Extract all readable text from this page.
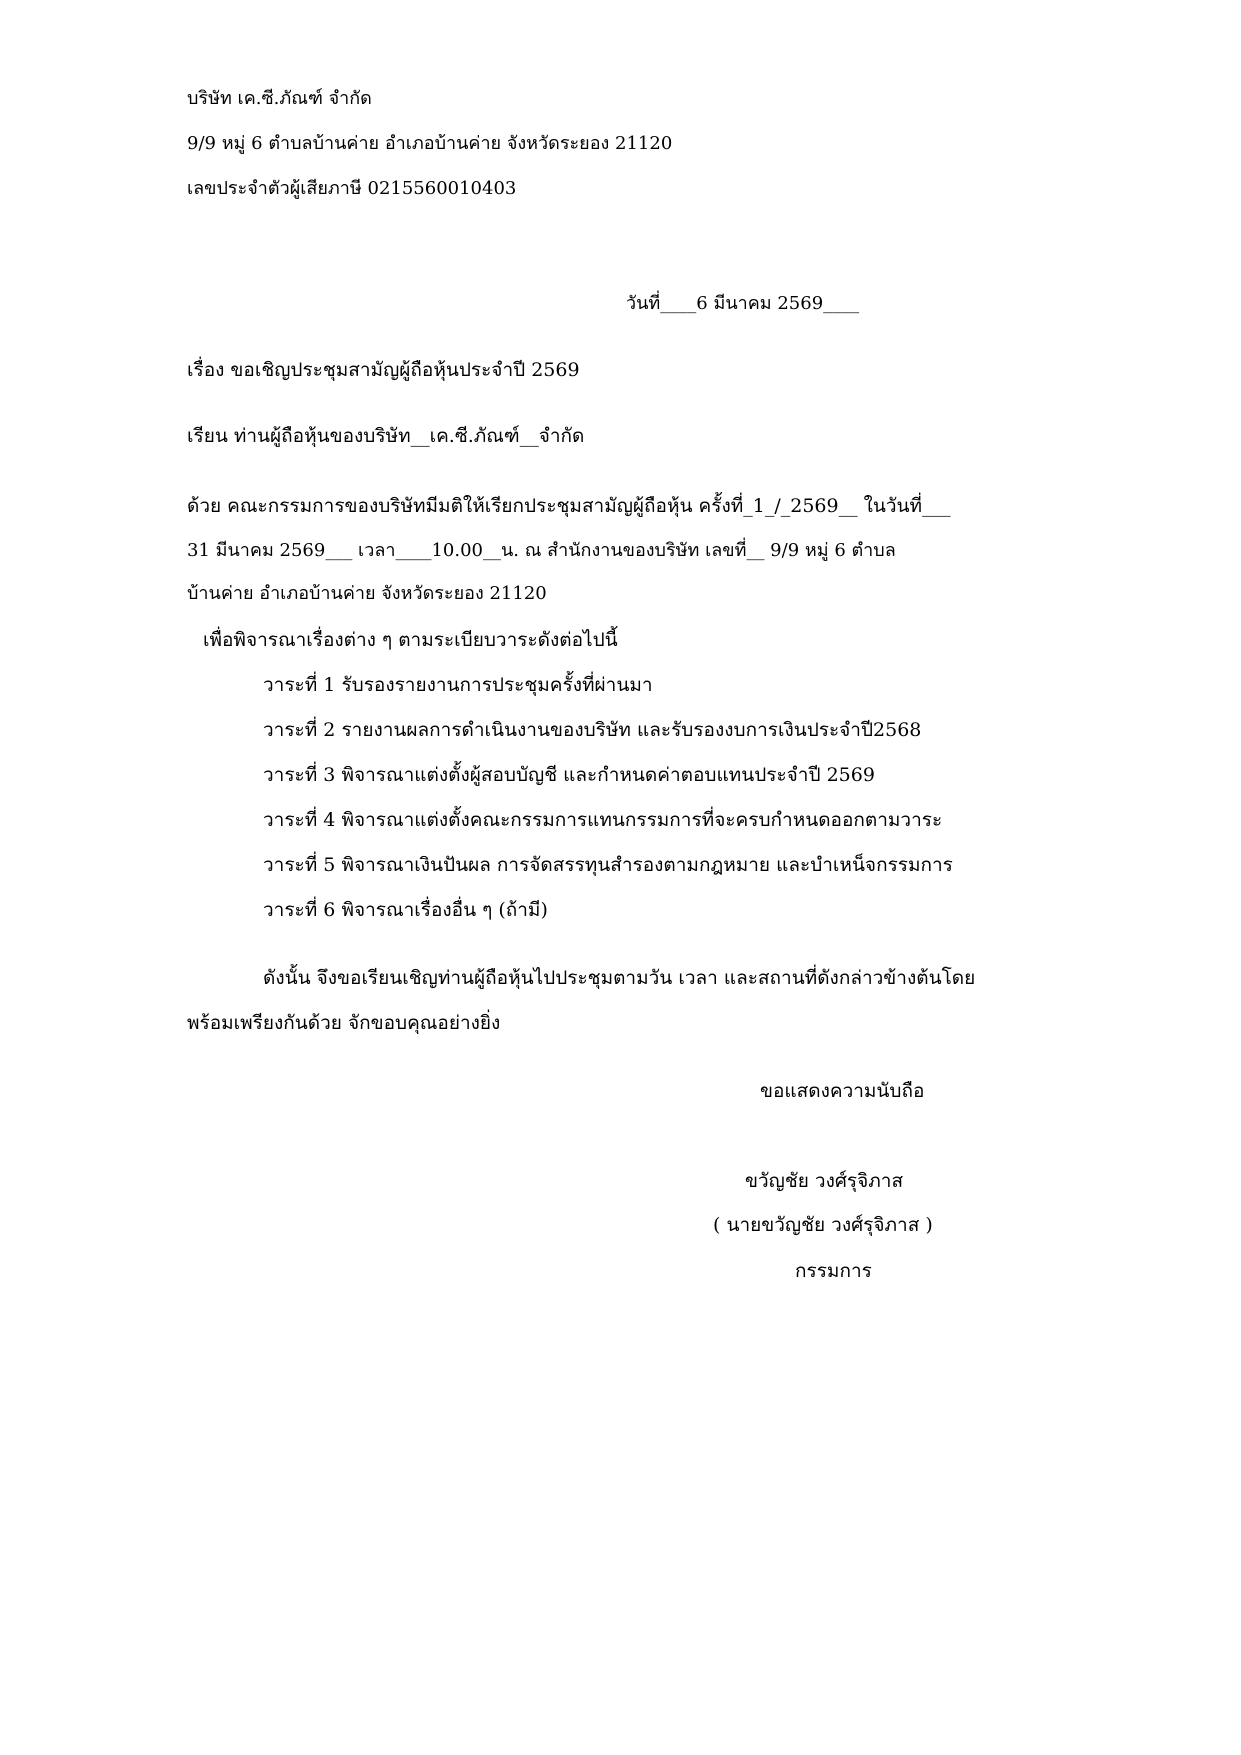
บริษัท เค.ซี.ภัณฑ์ จำกัด
9/9 หมู่ 6 ตำบลบ้านค่าย อำเภอบ้านค่าย จังหวัดระยอง 21120
เลขประจำตัวผู้เสียภาษี 0215560010403
วันที่____6 มีนาคม 2569____
เรื่อง ขอเชิญประชุมสามัญผู้ถือหุ้นประจำปี 2569
เรียน ท่านผู้ถือหุ้นของบริษัท__เค.ซี.ภัณฑ์__จำกัด
ด้วย คณะกรรมการของบริษัทมีมติให้เรียกประชุมสามัญผู้ถือหุ้น ครั้งที่_1_/_2569__ ในวันที่___
31 มีนาคม 2569___ เวลา____10.00__น. ณ สำนักงานของบริษัท เลขที่__ 9/9 หมู่ 6 ตำบล
บ้านค่าย อำเภอบ้านค่าย จังหวัดระยอง 21120
เพื่อพิจารณาเรื่องต่าง ๆ ตามระเบียบวาระดังต่อไปนี้
วาระที่ 1 รับรองรายงานการประชุมครั้งที่ผ่านมา
วาระที่ 2 รายงานผลการดำเนินงานของบริษัท และรับรองงบการเงินประจำปี2568
วาระที่ 3 พิจารณาแต่งตั้งผู้สอบบัญชี และกำหนดค่าตอบแทนประจำปี 2569
วาระที่ 4 พิจารณาแต่งตั้งคณะกรรมการแทนกรรมการที่จะครบกำหนดออกตามวาระ
วาระที่ 5 พิจารณาเงินปันผล การจัดสรรทุนสำรองตามกฎหมาย และบำเหน็จกรรมการ
วาระที่ 6 พิจารณาเรื่องอื่น ๆ (ถ้ามี)
ดังนั้น จึงขอเรียนเชิญท่านผู้ถือหุ้นไปประชุมตามวัน เวลา และสถานที่ดังกล่าวข้างต้นโดย
พร้อมเพรียงกันด้วย จักขอบคุณอย่างยิ่ง
ขอแสดงความนับถือ
ขวัญชัย วงศ์รุจิภาส
( นายขวัญชัย วงศ์รุจิภาส )
กรรมการ
